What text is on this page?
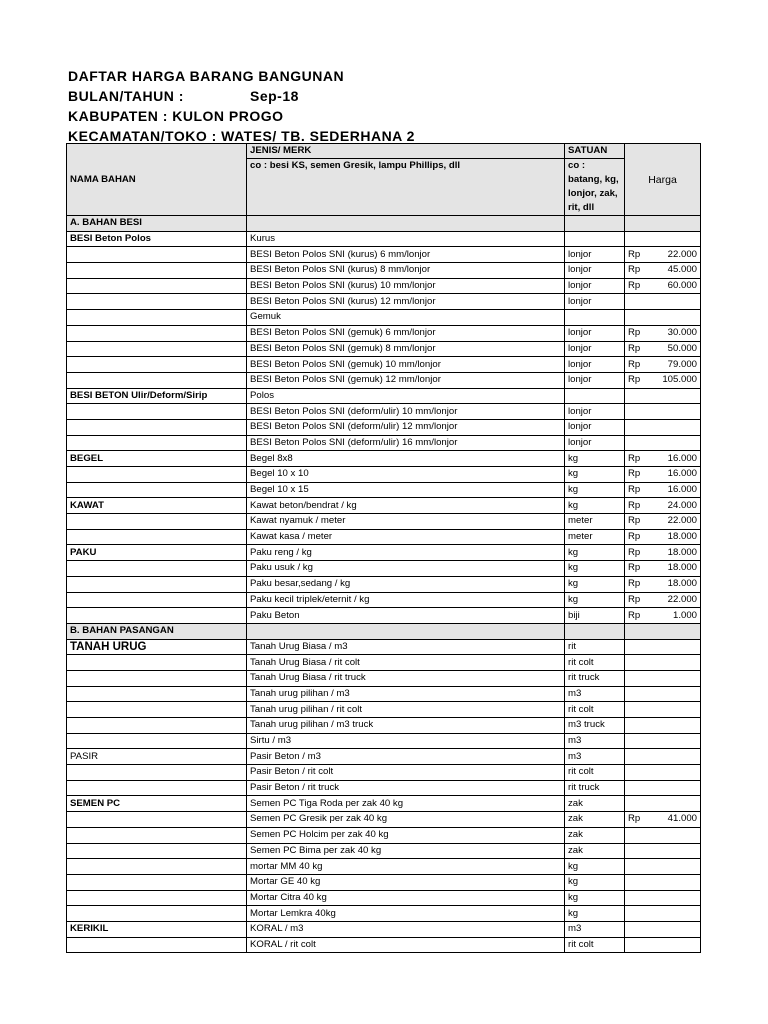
DAFTAR HARGA BARANG BANGUNAN
BULAN/TAHUN :	Sep-18
KABUPATEN : KULON PROGO
KECAMATAN/TOKO : WATES/ TB. SEDERHANA 2
NAMA BAHAN	JENIS/ MERK	SATUAN	Harga	
	co : besi KS, semen Gresik, lampu Phillips, dll	co : batang, kg, lonjor, zak, rit, dll		

A. BAHAN BESI				
BESI Beton Polos	Kurus			
	BESI Beton Polos SNI (kurus) 6 mm/lonjor	lonjor	Rp	22.000
	BESI Beton Polos SNI (kurus) 8 mm/lonjor	lonjor	Rp	45.000
	BESI Beton Polos SNI (kurus) 10 mm/lonjor	lonjor	Rp	60.000
	BESI Beton Polos SNI (kurus) 12 mm/lonjor	lonjor		
	Gemuk			
	BESI Beton Polos SNI (gemuk) 6 mm/lonjor	lonjor	Rp	30.000
	BESI Beton Polos SNI (gemuk) 8 mm/lonjor	lonjor	Rp	50.000
	BESI Beton Polos SNI (gemuk) 10 mm/lonjor	lonjor	Rp	79.000
	BESI Beton Polos SNI (gemuk) 12 mm/lonjor	lonjor	Rp	105.000
BESI BETON Ulir/Deform/Sirip	Polos			
	BESI Beton Polos SNI (deform/ulir) 10 mm/lonjor	lonjor		
	BESI Beton Polos SNI (deform/ulir) 12 mm/lonjor	lonjor		
	BESI Beton Polos SNI (deform/ulir) 16 mm/lonjor	lonjor		
BEGEL	Begel 8x8	kg	Rp	16.000
	Begel 10 x 10	kg	Rp	16.000
	Begel 10 x 15	kg	Rp	16.000
KAWAT	Kawat beton/bendrat / kg	kg	Rp	24.000
	Kawat nyamuk / meter	meter	Rp	22.000
	Kawat kasa / meter	meter	Rp	18.000
PAKU	Paku reng / kg	kg	Rp	18.000
	Paku usuk / kg	kg	Rp	18.000
	Paku besar,sedang / kg	kg	Rp	18.000
	Paku kecil triplek/eternit / kg	kg	Rp	22.000
	Paku Beton	biji	Rp	1.000
B. BAHAN PASANGAN				
TANAH URUG	Tanah Urug Biasa / m3	rit		
	Tanah Urug Biasa / rit colt	rit colt		
	Tanah Urug Biasa / rit truck	rit truck		
	Tanah urug pilihan / m3	m3		
	Tanah urug pilihan / rit colt	rit colt		
	Tanah urug pilihan / m3 truck	m3 truck		
	Sirtu / m3	m3		
PASIR	Pasir Beton / m3	m3		
	Pasir Beton / rit colt	rit colt		
	Pasir Beton / rit truck	rit truck		
SEMEN PC	Semen PC Tiga Roda per zak 40 kg	zak		
	Semen PC Gresik per zak 40 kg	zak	Rp	41.000
	Semen PC Holcim per zak 40 kg	zak		
	Semen PC Bima per zak 40 kg	zak		
	mortar MM 40 kg	kg		
	Mortar GE 40 kg	kg		
	Mortar Citra 40 kg	kg		
	Mortar Lemkra 40kg	kg		
KERIKIL	KORAL / m3	m3		
	KORAL / rit colt	rit colt		
